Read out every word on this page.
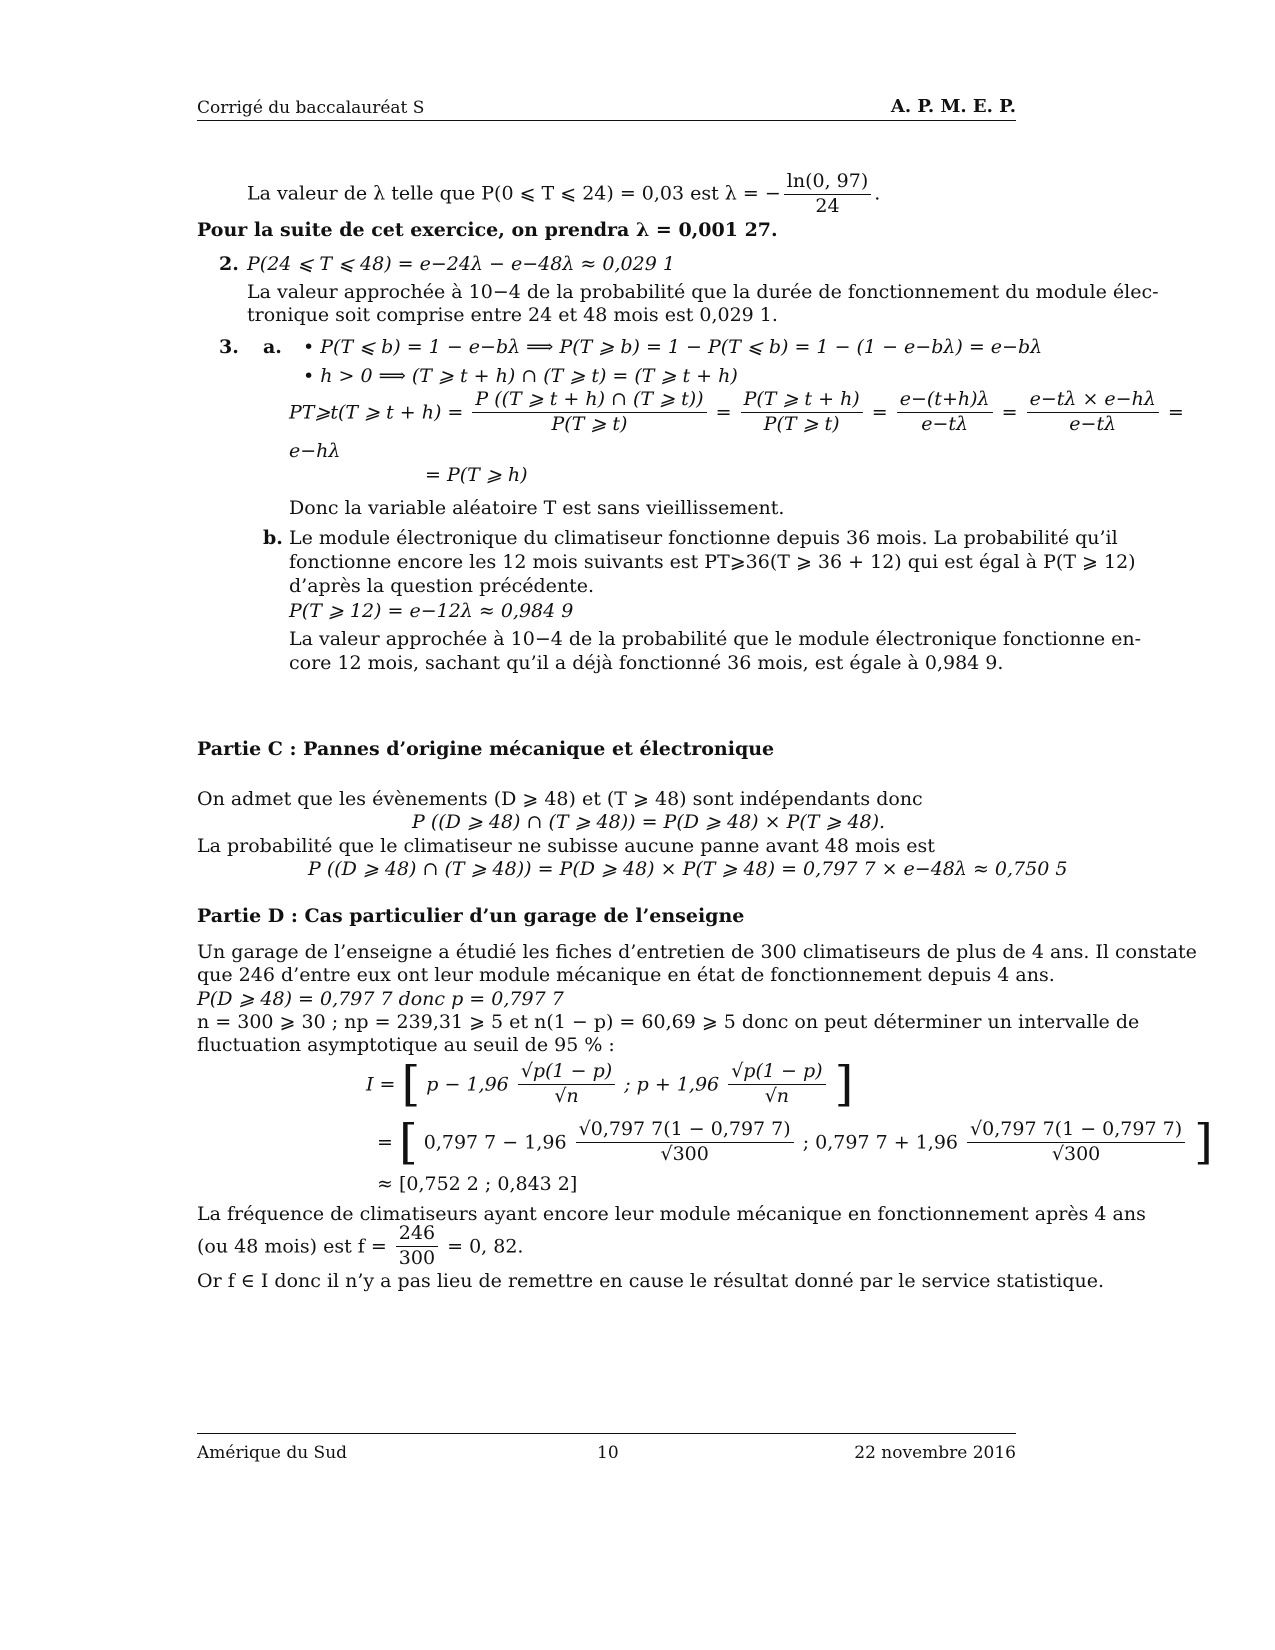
Corrigé du baccalauréat S	A. P. M. E. P.
La valeur de λ telle que P(0 ⩽ T ⩽ 24) = 0,03 est λ = − $\frac{\ln(0, 97)}{24}$ .
Pour la suite de cet exercice, on prendra λ = 0,001 27.
2. P(24 ⩽ T ⩽ 48) = e−24λ − e−48λ ≈ 0,029 1
La valeur approchée à 10−4 de la probabilité que la durée de fonctionnement du module élec-
tronique soit comprise entre 24 et 48 mois est 0,029 1.
3. a. • P(T ⩽ b) = 1 − e−bλ ⟹ P(T ⩾ b) = 1 − P(T ⩽ b) = 1 − (1 − e−bλ) = e−bλ
• h > 0 ⟹ (T ⩾ t + h) ∩ (T ⩾ t) = (T ⩾ t + h)
PT⩾t(T ⩾ $t + h) = \frac{P ((T ⩾ t + h) \cap (T ⩾ t))}{P(T ⩾ t)} = \frac{P(T ⩾ t + h)}{P(T ⩾ t)} = \frac{e-(t+h)\lambda}{e-t\lambda} = \frac{e-t\lambda \times e-h\lambda}{e-t\lambda}$ =
e−hλ
= P(T ⩾ h)
Donc la variable aléatoire T est sans vieillissement.
b. Le module électronique du climatiseur fonctionne depuis 36 mois. La probabilité qu’il
fonctionne encore les 12 mois suivants est PT⩾36(T ⩾ 36 + 12) qui est égal à P(T ⩾ 12)
d’après la question précédente.
P(T ⩾ 12) = e−12λ ≈ 0,984 9
La valeur approchée à 10−4 de la probabilité que le module électronique fonctionne en-
core 12 mois, sachant qu’il a déjà fonctionné 36 mois, est égale à 0,984 9.
Partie C : Pannes d’origine mécanique et électronique
On admet que les évènements (D ⩾ 48) et (T ⩾ 48) sont indépendants donc
P ((D ⩾ 48) ∩ (T ⩾ 48)) = P(D ⩾ 48) × P(T ⩾ 48).
La probabilité que le climatiseur ne subisse aucune panne avant 48 mois est
P ((D ⩾ 48) ∩ (T ⩾ 48)) = P(D ⩾ 48) × P(T ⩾ 48) = 0,797 7 × e−48λ ≈ 0,750 5
Partie D : Cas particulier d’un garage de l’enseigne
Un garage de l’enseigne a étudié les fiches d’entretien de 300 climatiseurs de plus de 4 ans. Il constate
que 246 d’entre eux ont leur module mécanique en état de fonctionnement depuis 4 ans.
P(D ⩾ 48) = 0,797 7 donc p = 0,797 7
n = 300 ⩾ 30 ; np = 239,31 ⩾ 5 et n(1 − p) = 60,69 ⩾ 5 donc on peut déterminer un intervalle de
fluctuation asymptotique au seuil de 95 % :
I = [ $p - 1,96 \frac{√p(1 - p)}{√n}$ ; $p + 1,96 \frac{√p(1 - p)}{√n}$ ]
= [ 0,797 $7 - 1,96 \frac{√0,797 7(1 - 0,797 7)}{√300}$ ; 0,797 $7 + 1,96 \frac{√0,797 7(1 - 0,797 7)}{√300}$ ]
≈ [0,752 2 ; 0,843 2]
La fréquence de climatiseurs ayant encore leur module mécanique en fonctionnement après 4 ans
(ou 48 mois) est $f = \frac{246}{300} = 0$, 82.
Or f ∈ I donc il n’y a pas lieu de remettre en cause le résultat donné par le service statistique.
Amérique du Sud	10	22 novembre 2016
